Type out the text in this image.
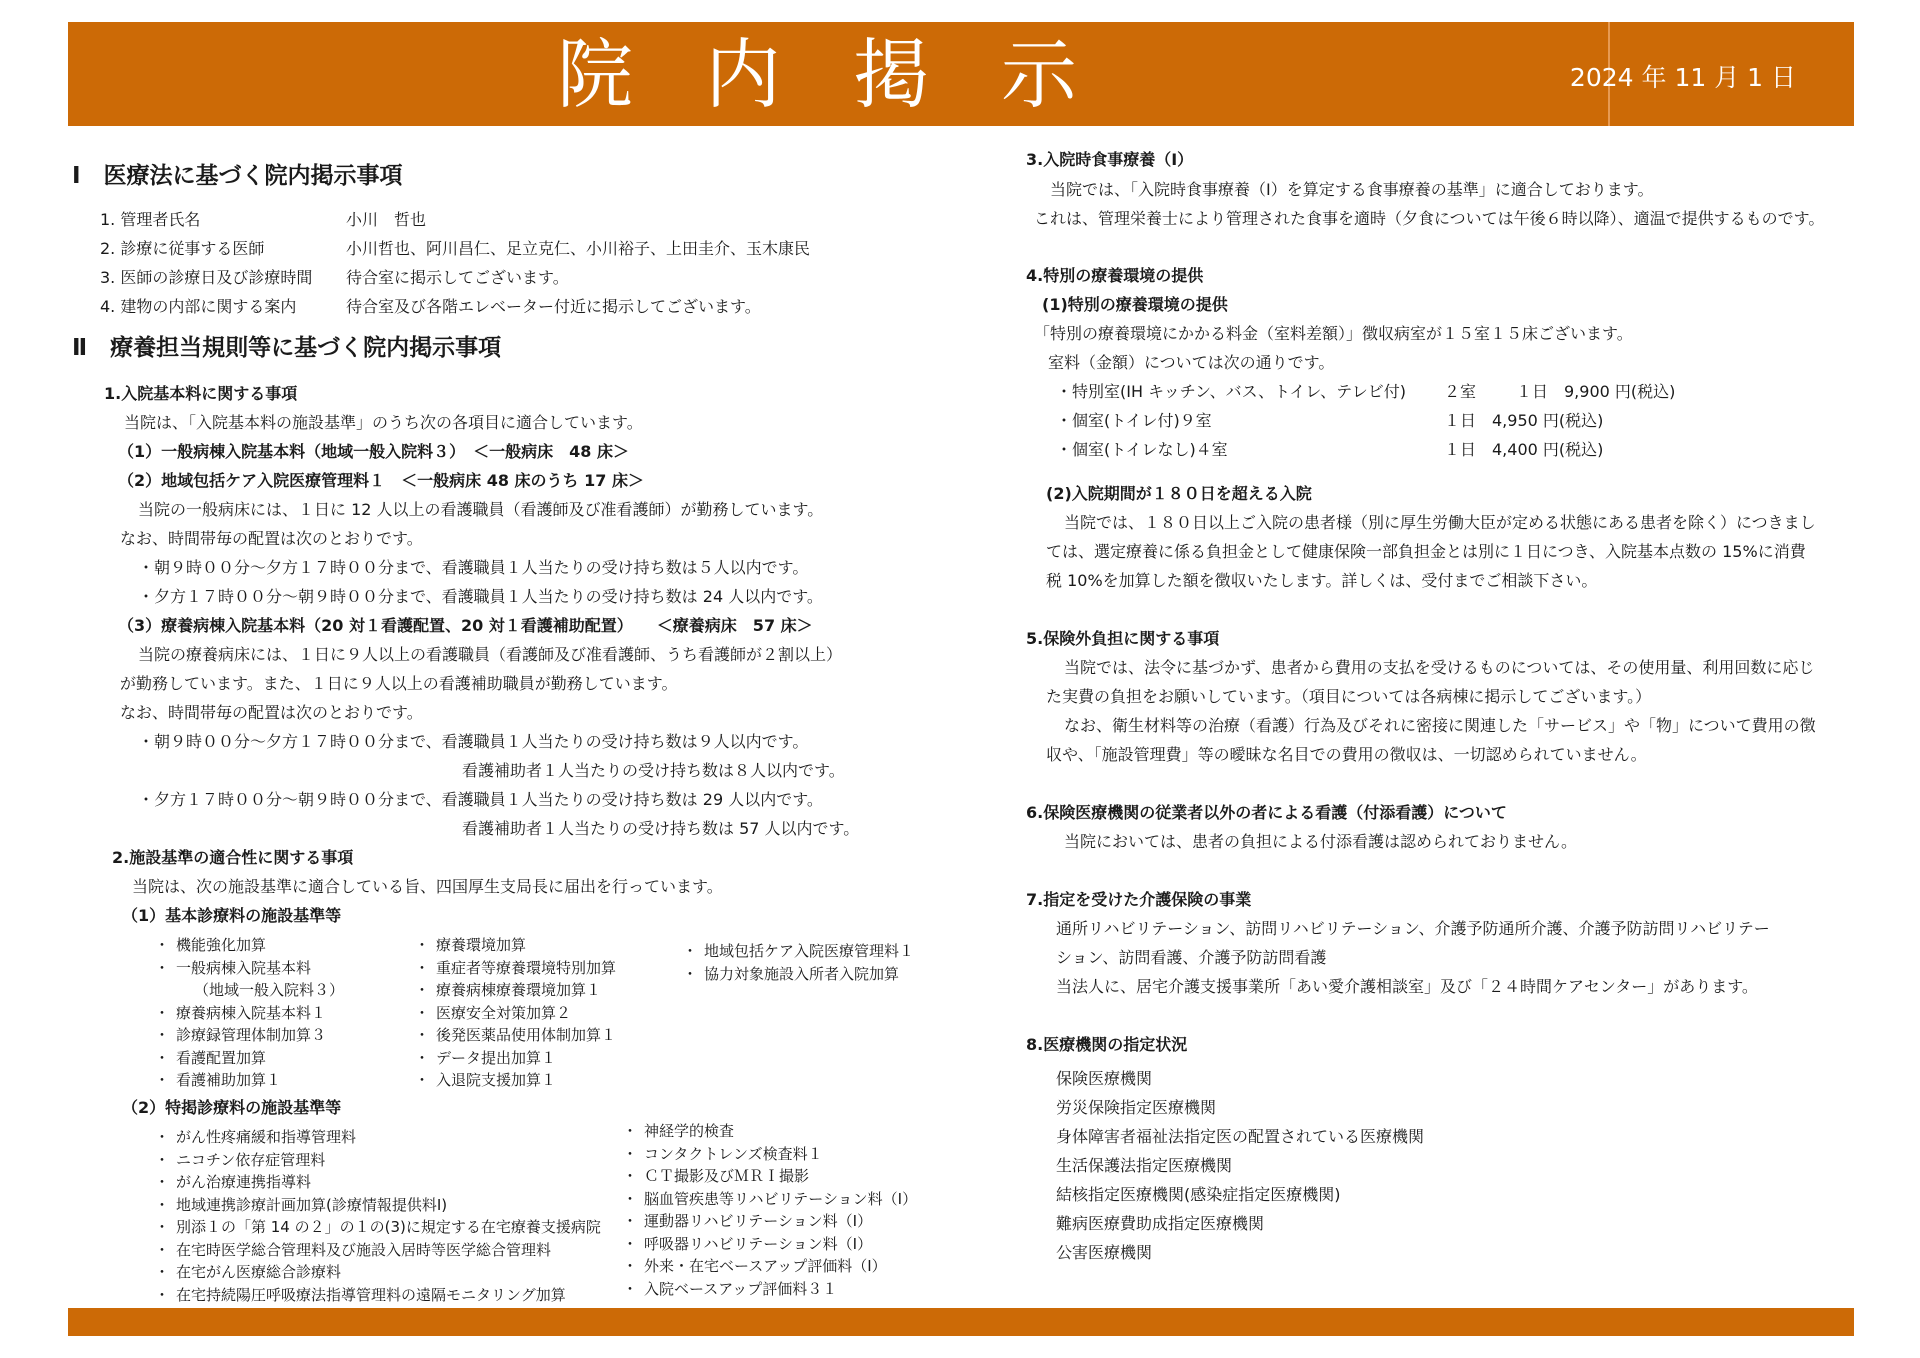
院内掲示	2024 年 11 月 1 日
Ⅰ　医療法に基づく院内掲示事項
1. 管理者氏名	小川　哲也
2. 診療に従事する医師	小川哲也、阿川昌仁、足立克仁、小川裕子、上田圭介、玉木康民
3. 医師の診療日及び診療時間 待合室に掲示してございます。
4. 建物の内部に関する案内	待合室及び各階エレベーター付近に掲示してございます。
Ⅱ　療養担当規則等に基づく院内掲示事項
1.入院基本料に関する事項
当院は、「入院基本料の施設基準」のうち次の各項目に適合しています。
（1）一般病棟入院基本料（地域一般入院料３）　＜一般病床　48 床＞
（2）地域包括ケア入院医療管理料１　＜一般病床 48 床のうち 17 床＞
当院の一般病床には、１日に 12 人以上の看護職員（看護師及び准看護師）が勤務しています。
なお、時間帯毎の配置は次のとおりです。
・朝９時００分～夕方１７時００分まで、看護職員１人当たりの受け持ち数は５人以内です。
・夕方１７時００分～朝９時００分まで、看護職員１人当たりの受け持ち数は 24 人以内です。
（3）療養病棟入院基本料（20 対１看護配置、20 対１看護補助配置）　　＜療養病床　57 床＞
当院の療養病床には、１日に９人以上の看護職員（看護師及び准看護師、うち看護師が２割以上）
が勤務しています。また、１日に９人以上の看護補助職員が勤務しています。
なお、時間帯毎の配置は次のとおりです。
・朝９時００分～夕方１７時００分まで、看護職員１人当たりの受け持ち数は９人以内です。
看護補助者１人当たりの受け持ち数は８人以内です。
・夕方１７時００分～朝９時００分まで、看護職員１人当たりの受け持ち数は 29 人以内です。
看護補助者１人当たりの受け持ち数は 57 人以内です。
2.施設基準の適合性に関する事項
当院は、次の施設基準に適合している旨、四国厚生支局長に届出を行っています。
（1）基本診療料の施設基準等
・ 機能強化加算
・ 一般病棟入院基本料
（地域一般入院料３）
・ 療養病棟入院基本料１
・ 診療録管理体制加算３
・ 看護配置加算
・ 看護補助加算１
・ 療養環境加算
・ 重症者等療養環境特別加算
・ 療養病棟療養環境加算１
・ 医療安全対策加算２
・ 後発医薬品使用体制加算１
・ データ提出加算１
・ 入退院支援加算１
・ 地域包括ケア入院医療管理料１
・ 協力対象施設入所者入院加算
（2）特掲診療料の施設基準等
・ がん性疼痛緩和指導管理料
・ ニコチン依存症管理料
・ がん治療連携指導料
・ 地域連携診療計画加算(診療情報提供料Ⅰ)
・ 別添１の「第 14 の２」の１の(3)に規定する在宅療養支援病院
・ 在宅時医学総合管理料及び施設入居時等医学総合管理料
・ 在宅がん医療総合診療料
・ 在宅持続陽圧呼吸療法指導管理料の遠隔モニタリング加算
・ 神経学的検査
・ コンタクトレンズ検査料１
・ ＣＴ撮影及びＭＲＩ撮影
・ 脳血管疾患等リハビリテーション料（Ⅰ）
・ 運動器リハビリテーション料（Ⅰ）
・ 呼吸器リハビリテーション料（Ⅰ）
・ 外来・在宅ベースアップ評価料（Ⅰ）
・ 入院ベースアップ評価料３１
3.入院時食事療養（Ⅰ）
当院では、「入院時食事療養（Ⅰ）を算定する食事療養の基準」に適合しております。
これは、管理栄養士により管理された食事を適時（夕食については午後６時以降）、適温で提供するものです。
4.特別の療養環境の提供
(1)特別の療養環境の提供
「特別の療養環境にかかる料金（室料差額）」徴収病室が１５室１５床ございます。
室料（金額）については次の通りです。
・特別室(IH キッチン、バス、トイレ、テレビ付) ２室 １日　9,900 円(税込)
・個室(トイレ付)９室	１日　4,950 円(税込)
・個室(トイレなし)４室	１日　4,400 円(税込)
(2)入院期間が１８０日を超える入院
当院では、１８０日以上ご入院の患者様（別に厚生労働大臣が定める状態にある患者を除く）につきまし
ては、選定療養に係る負担金として健康保険一部負担金とは別に１日につき、入院基本点数の 15%に消費
税 10%を加算した額を徴収いたします。詳しくは、受付までご相談下さい。
5.保険外負担に関する事項
当院では、法令に基づかず、患者から費用の支払を受けるものについては、その使用量、利用回数に応じ
た実費の負担をお願いしています。（項目については各病棟に掲示してございます。）
なお、衛生材料等の治療（看護）行為及びそれに密接に関連した「サービス」や「物」について費用の徴
収や、「施設管理費」等の曖昧な名目での費用の徴収は、一切認められていません。
6.保険医療機関の従業者以外の者による看護（付添看護）について
当院においては、患者の負担による付添看護は認められておりません。
7.指定を受けた介護保険の事業
通所リハビリテーション、訪問リハビリテーション、介護予防通所介護、介護予防訪問リハビリテー
ション、訪問看護、介護予防訪問看護
当法人に、居宅介護支援事業所「あい愛介護相談室」及び「２４時間ケアセンター」があります。
8.医療機関の指定状況
保険医療機関
労災保険指定医療機関
身体障害者福祉法指定医の配置されている医療機関
生活保護法指定医療機関
結核指定医療機関(感染症指定医療機関)
難病医療費助成指定医療機関
公害医療機関
